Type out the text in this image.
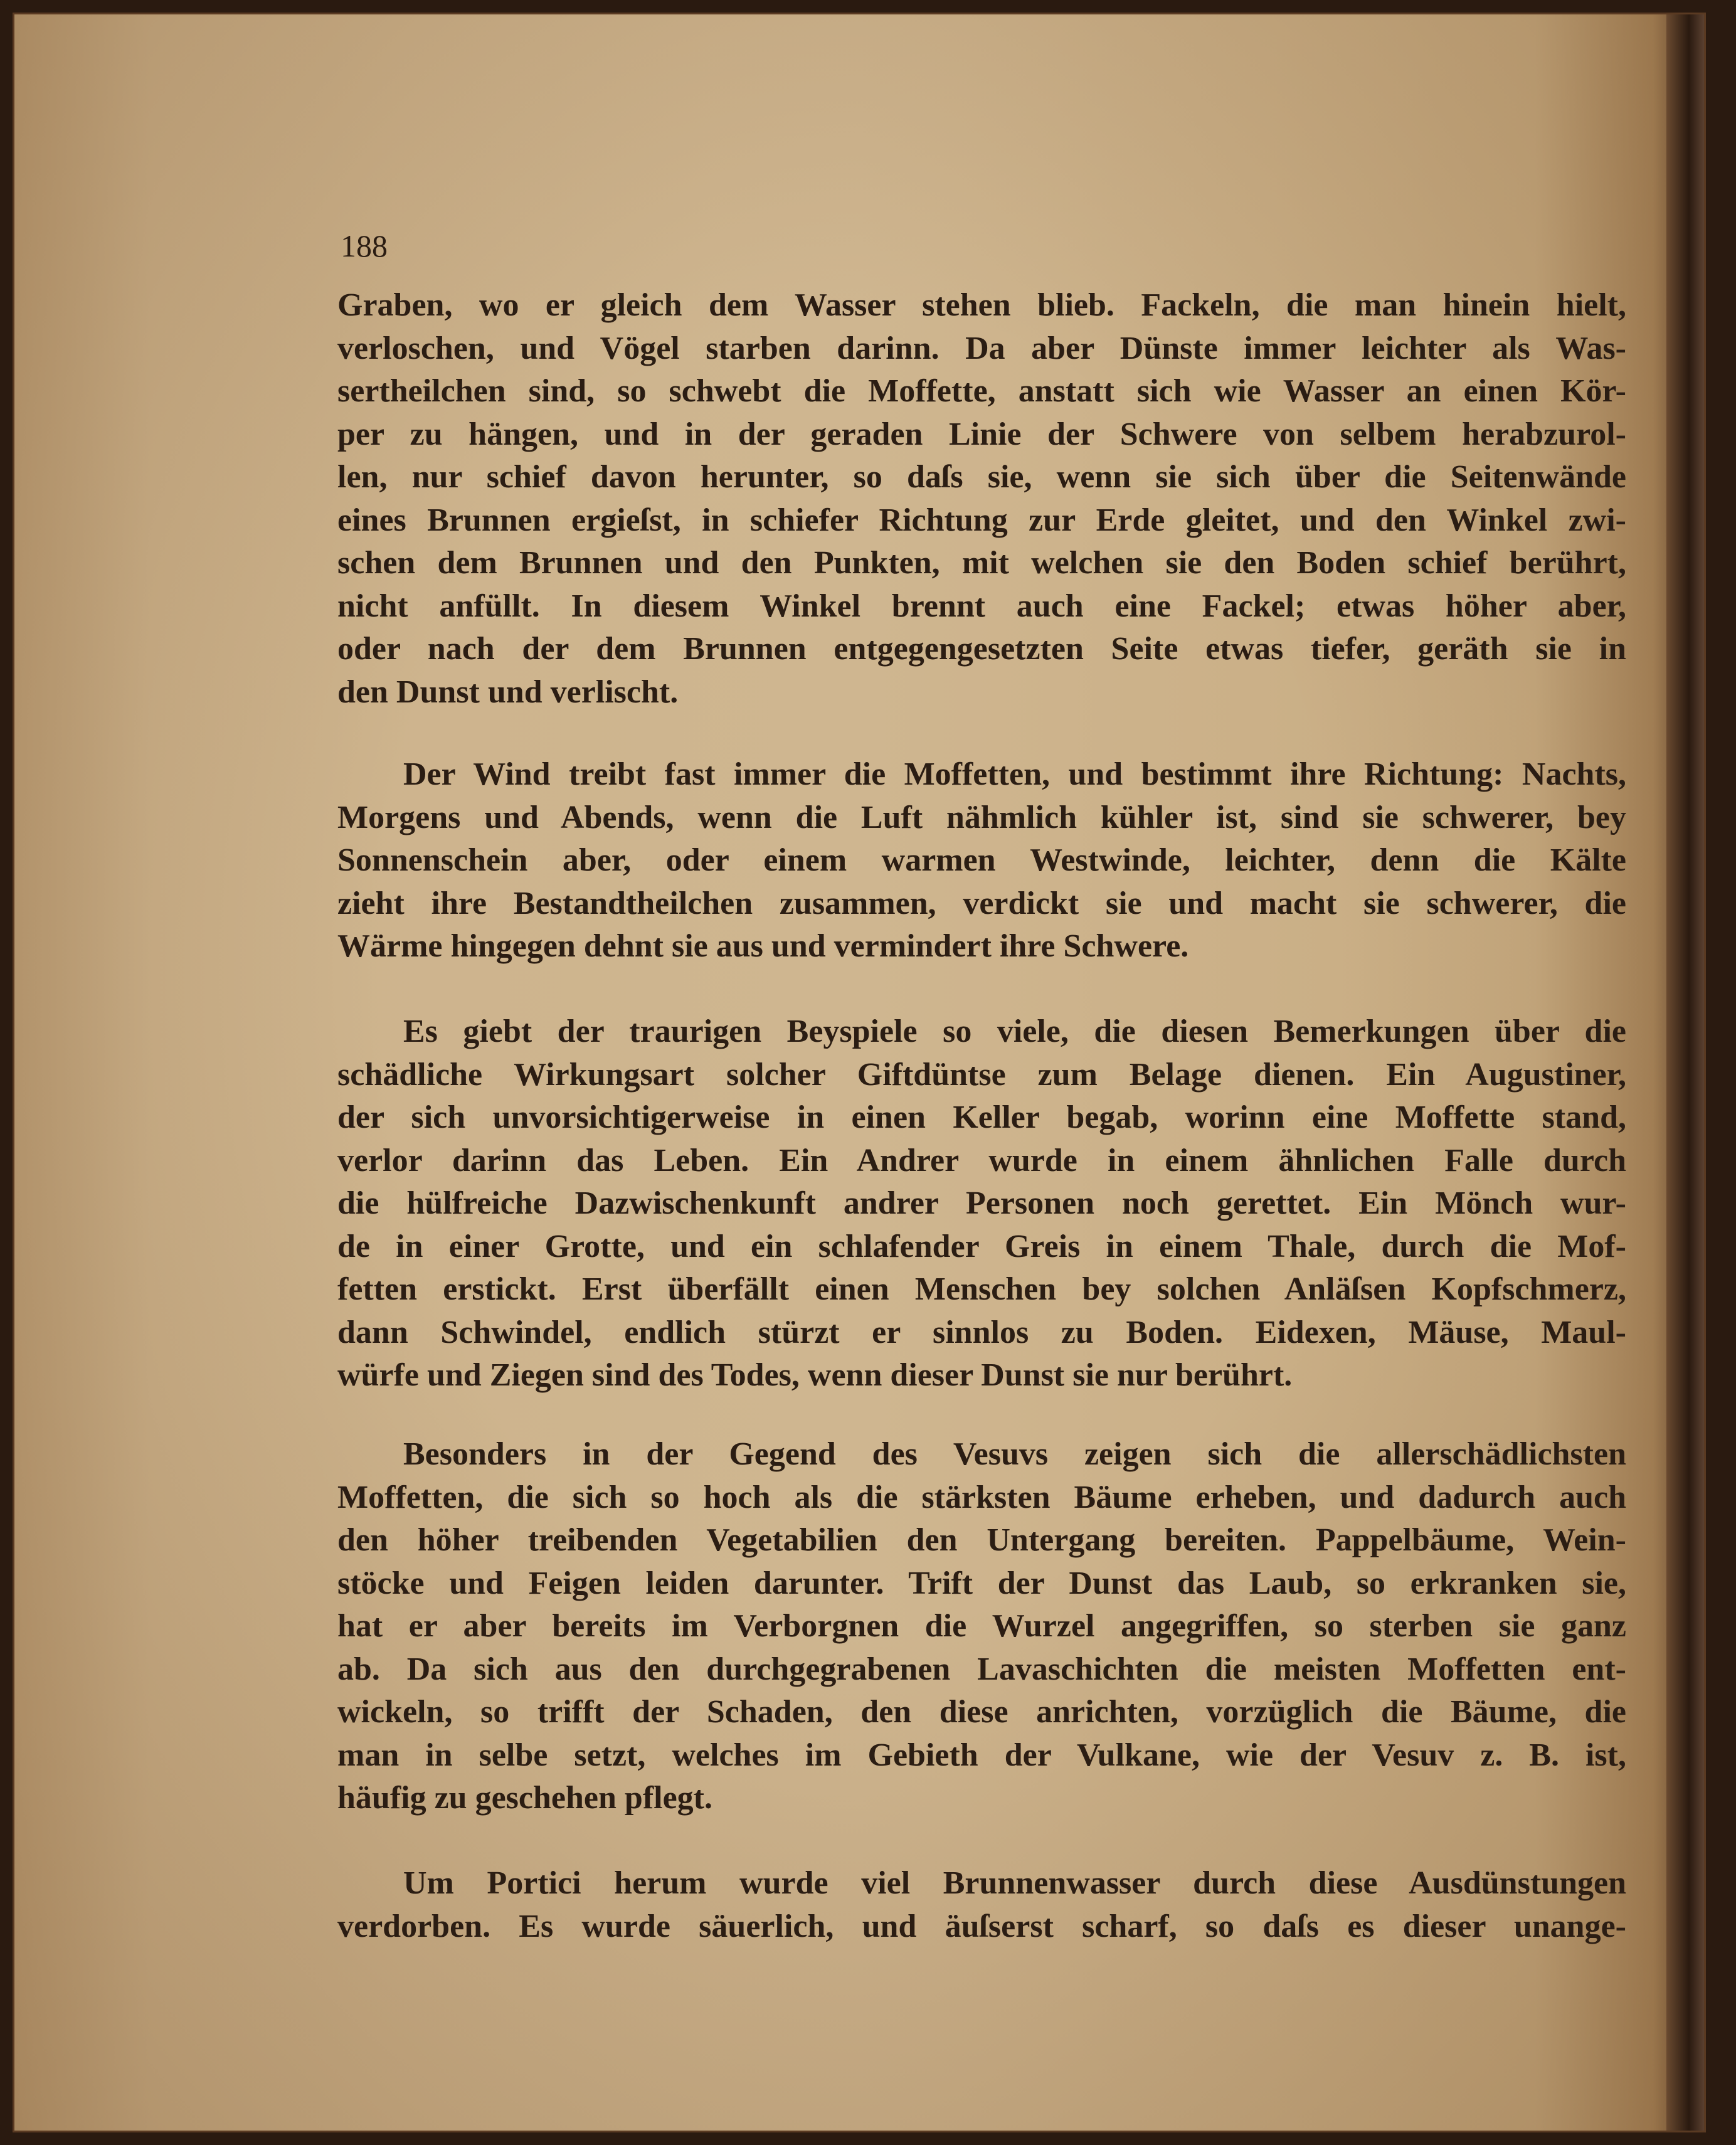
188
Graben, wo er gleich dem Wasser stehen blieb. Fackeln, die man hinein hielt,
verloschen, und Vögel starben darinn. Da aber Dünste immer leichter als Was-
sertheilchen sind, so schwebt die Moffette, anstatt sich wie Wasser an einen Kör-
per zu hängen, und in der geraden Linie der Schwere von selbem herabzurol-
len, nur schief davon herunter, so daſs sie, wenn sie sich über die Seitenwände
eines Brunnen ergieſst, in schiefer Richtung zur Erde gleitet, und den Winkel zwi-
schen dem Brunnen und den Punkten, mit welchen sie den Boden schief berührt,
nicht anfüllt. In diesem Winkel brennt auch eine Fackel; etwas höher aber,
oder nach der dem Brunnen entgegengesetzten Seite etwas tiefer, geräth sie in
den Dunst und verlischt.
Der Wind treibt fast immer die Moffetten, und bestimmt ihre Richtung: Nachts,
Morgens und Abends, wenn die Luft nähmlich kühler ist, sind sie schwerer, bey
Sonnenschein aber, oder einem warmen Westwinde, leichter, denn die Kälte
zieht ihre Bestandtheilchen zusammen, verdickt sie und macht sie schwerer, die
Wärme hingegen dehnt sie aus und vermindert ihre Schwere.
Es giebt der traurigen Beyspiele so viele, die diesen Bemerkungen über die
schädliche Wirkungsart solcher Giftdüntse zum Belage dienen. Ein Augustiner,
der sich unvorsichtigerweise in einen Keller begab, worinn eine Moffette stand,
verlor darinn das Leben. Ein Andrer wurde in einem ähnlichen Falle durch
die hülfreiche Dazwischenkunft andrer Personen noch gerettet. Ein Mönch wur-
de in einer Grotte, und ein schlafender Greis in einem Thale, durch die Mof-
fetten erstickt. Erst überfällt einen Menschen bey solchen Anläſsen Kopfschmerz,
dann Schwindel, endlich stürzt er sinnlos zu Boden. Eidexen, Mäuse, Maul-
würfe und Ziegen sind des Todes, wenn dieser Dunst sie nur berührt.
Besonders in der Gegend des Vesuvs zeigen sich die allerschädlichsten
Moffetten, die sich so hoch als die stärksten Bäume erheben, und dadurch auch
den höher treibenden Vegetabilien den Untergang bereiten. Pappelbäume, Wein-
stöcke und Feigen leiden darunter. Trift der Dunst das Laub, so erkranken sie,
hat er aber bereits im Verborgnen die Wurzel angegriffen, so sterben sie ganz
ab. Da sich aus den durchgegrabenen Lavaschichten die meisten Moffetten ent-
wickeln, so trifft der Schaden, den diese anrichten, vorzüglich die Bäume, die
man in selbe setzt, welches im Gebieth der Vulkane, wie der Vesuv z. B. ist,
häufig zu geschehen pflegt.
Um Portici herum wurde viel Brunnenwasser durch diese Ausdünstungen
verdorben. Es wurde säuerlich, und äuſserst scharf, so daſs es dieser unange-
